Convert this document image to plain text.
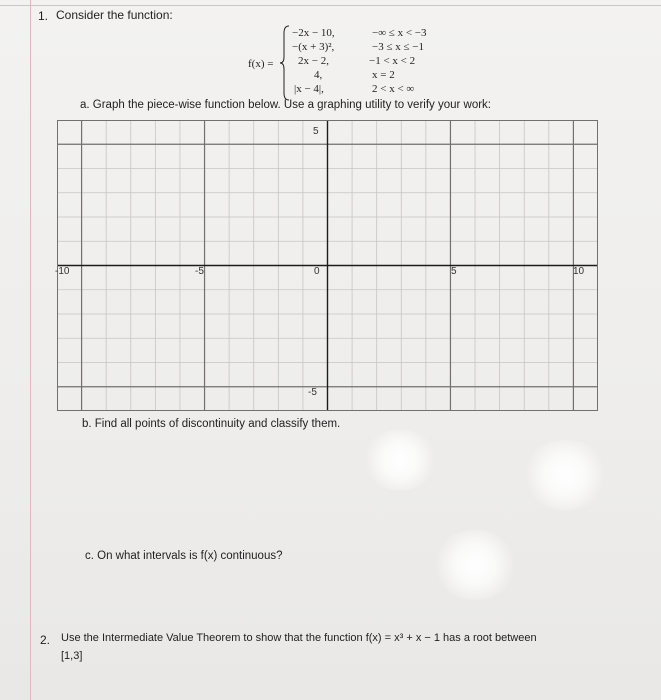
1. Consider the function:
f(x) =
−2x − 10,	−∞ ≤ x < −3
−(x + 3)²,	−3 ≤ x ≤ −1
2x − 2,	−1 < x < 2
4,	x = 2
|x − 4|,	2 < x < ∞
a. Graph the piece-wise function below. Use a graphing utility to verify your work:
-10	-5	0	5	10
5
-5
b. Find all points of discontinuity and classify them.
c. On what intervals is f(x) continuous?
2. Use the Intermediate Value Theorem to show that the function f(x) = x³ + x − 1 has a root between
[1,3]
